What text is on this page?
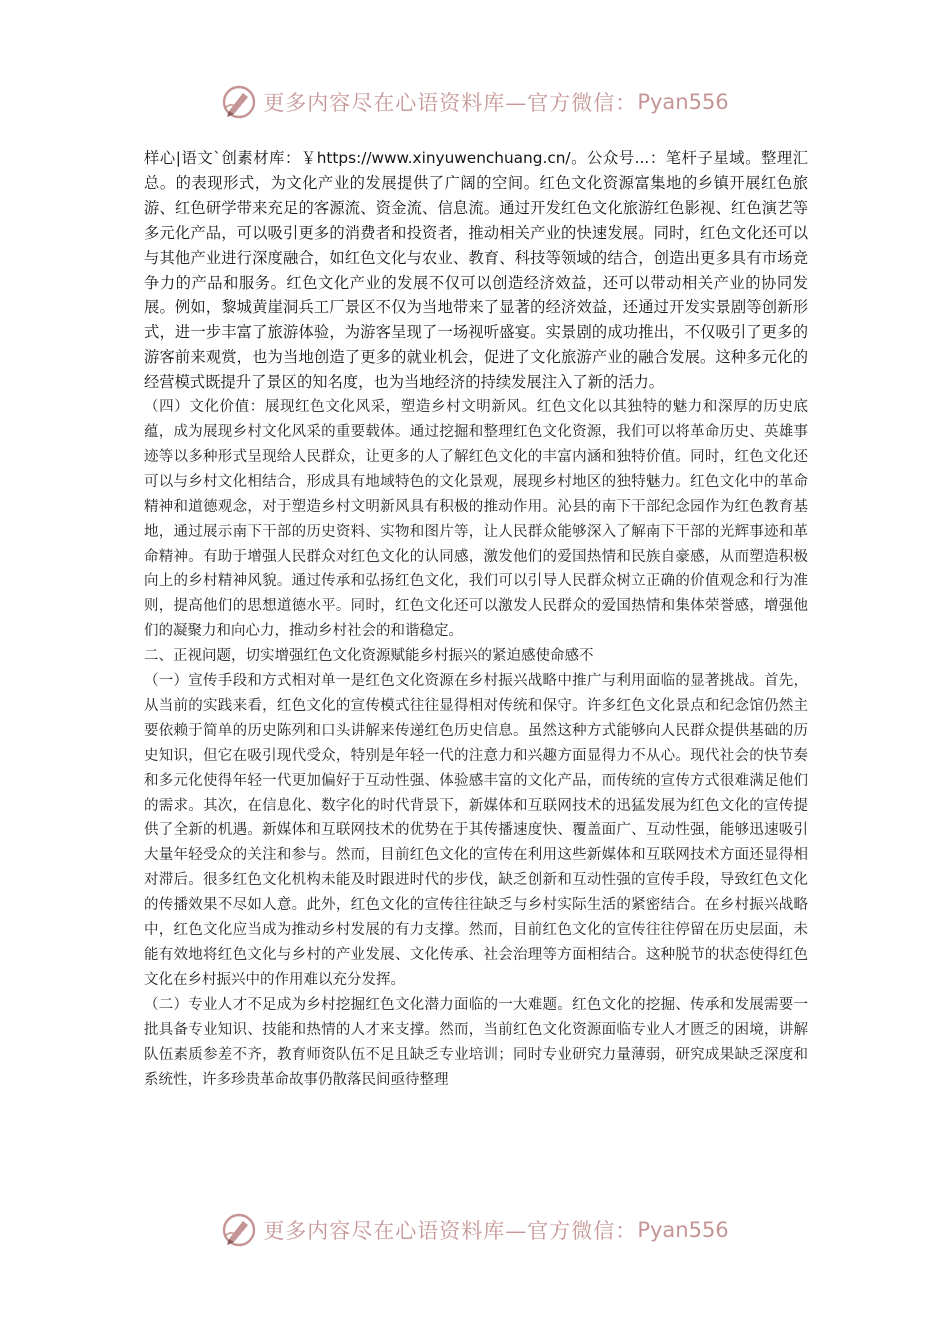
更多内容尽在心语资料库—官方微信： Pyan556

样心|语文`创素材库：￥https://www.xinyuwenchuang.cn/。公众号...：笔杆子星域。整理汇总。的表现形式，为文化产业的发展提供了广阔的空间。红色文化资源富集地的乡镇开展红色旅游、红色研学带来充足的客源流、资金流、信息流。通过开发红色文化旅游红色影视、红色演艺等多元化产品，可以吸引更多的消费者和投资者，推动相关产业的快速发展。同时，红色文化还可以与其他产业进行深度融合，如红色文化与农业、教育、科技等领域的结合，创造出更多具有市场竞争力的产品和服务。红色文化产业的发展不仅可以创造经济效益，还可以带动相关产业的协同发展。例如，黎城黄崖洞兵工厂景区不仅为当地带来了显著的经济效益，还通过开发实景剧等创新形式，进一步丰富了旅游体验，为游客呈现了一场视听盛宴。实景剧的成功推出，不仅吸引了更多的游客前来观赏，也为当地创造了更多的就业机会，促进了文化旅游产业的融合发展。这种多元化的经营模式既提升了景区的知名度，也为当地经济的持续发展注入了新的活力。

（四）文化价值：展现红色文化风采，塑造乡村文明新风。红色文化以其独特的魅力和深厚的历史底蕴，成为展现乡村文化风采的重要载体。通过挖掘和整理红色文化资源，我们可以将革命历史、英雄事迹等以多种形式呈现给人民群众，让更多的人了解红色文化的丰富内涵和独特价值。同时，红色文化还可以与乡村文化相结合，形成具有地域特色的文化景观，展现乡村地区的独特魅力。红色文化中的革命精神和道德观念，对于塑造乡村文明新风具有积极的推动作用。沁县的南下干部纪念园作为红色教育基地，通过展示南下干部的历史资料、实物和图片等，让人民群众能够深入了解南下干部的光辉事迹和革命精神。有助于增强人民群众对红色文化的认同感，激发他们的爱国热情和民族自豪感，从而塑造积极向上的乡村精神风貌。通过传承和弘扬红色文化，我们可以引导人民群众树立正确的价值观念和行为准则，提高他们的思想道德水平。同时，红色文化还可以激发人民群众的爱国热情和集体荣誉感，增强他们的凝聚力和向心力，推动乡村社会的和谐稳定。

二、正视问题，切实增强红色文化资源赋能乡村振兴的紧迫感使命感不

（一）宣传手段和方式相对单一是红色文化资源在乡村振兴战略中推广与利用面临的显著挑战。首先，从当前的实践来看，红色文化的宣传模式往往显得相对传统和保守。许多红色文化景点和纪念馆仍然主要依赖于简单的历史陈列和口头讲解来传递红色历史信息。虽然这种方式能够向人民群众提供基础的历史知识，但它在吸引现代受众，特别是年轻一代的注意力和兴趣方面显得力不从心。现代社会的快节奏和多元化使得年轻一代更加偏好于互动性强、体验感丰富的文化产品，而传统的宣传方式很难满足他们的需求。其次，在信息化、数字化的时代背景下，新媒体和互联网技术的迅猛发展为红色文化的宣传提供了全新的机遇。新媒体和互联网技术的优势在于其传播速度快、覆盖面广、互动性强，能够迅速吸引大量年轻受众的关注和参与。然而，目前红色文化的宣传在利用这些新媒体和互联网技术方面还显得相对滞后。很多红色文化机构未能及时跟进时代的步伐，缺乏创新和互动性强的宣传手段，导致红色文化的传播效果不尽如人意。此外，红色文化的宣传往往缺乏与乡村实际生活的紧密结合。在乡村振兴战略中，红色文化应当成为推动乡村发展的有力支撑。然而，目前红色文化的宣传往往停留在历史层面，未能有效地将红色文化与乡村的产业发展、文化传承、社会治理等方面相结合。这种脱节的状态使得红色文化在乡村振兴中的作用难以充分发挥。

（二）专业人才不足成为乡村挖掘红色文化潜力面临的一大难题。红色文化的挖掘、传承和发展需要一批具备专业知识、技能和热情的人才来支撑。然而，当前红色文化资源面临专业人才匮乏的困境，讲解队伍素质参差不齐，教育师资队伍不足且缺乏专业培训；同时专业研究力量薄弱，研究成果缺乏深度和系统性，许多珍贵革命故事仍散落民间亟待整理

更多内容尽在心语资料库—官方微信： Pyan556
